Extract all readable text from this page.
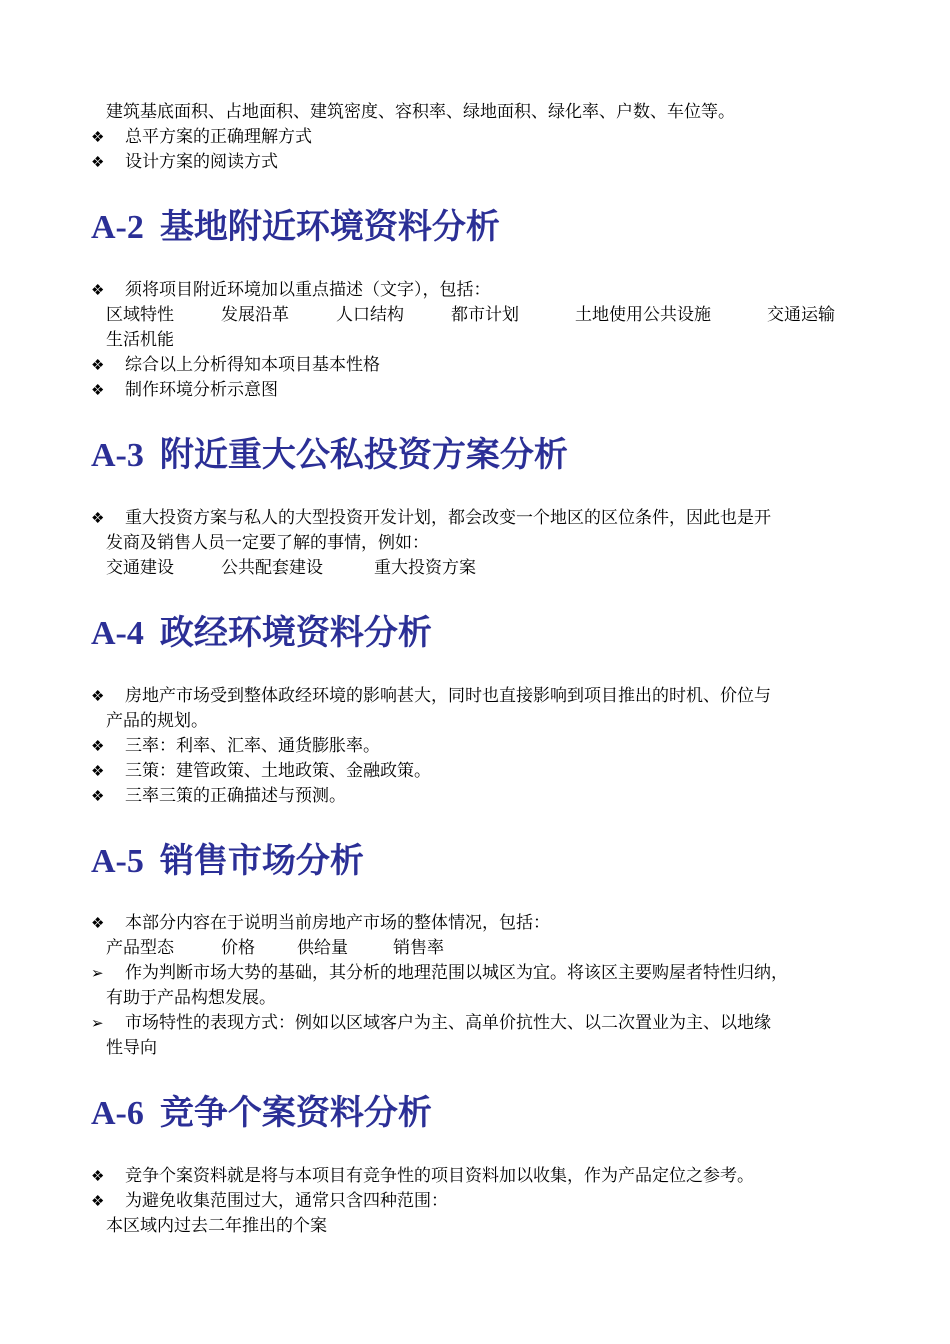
建筑基底面积、占地面积、建筑密度、容积率、绿地面积、绿化率、户数、车位等。
❖ 总平方案的正确理解方式
❖ 设计方案的阅读方式
A-2 基地附近环境资料分析
❖ 须将项目附近环境加以重点描述（文字），包括：
区域特性	发展沿革	人口结构	都市计划	土地使用公共设施	交通运输
生活机能
❖ 综合以上分析得知本项目基本性格
❖ 制作环境分析示意图
A-3 附近重大公私投资方案分析
❖ 重大投资方案与私人的大型投资开发计划，都会改变一个地区的区位条件，因此也是开
发商及销售人员一定要了解的事情，例如：
交通建设	公共配套建设	重大投资方案
A-4 政经环境资料分析
❖ 房地产市场受到整体政经环境的影响甚大，同时也直接影响到项目推出的时机、价位与
产品的规划。
❖ 三率：利率、汇率、通货膨胀率。
❖ 三策：建管政策、土地政策、金融政策。
❖ 三率三策的正确描述与预测。
A-5 销售市场分析
❖ 本部分内容在于说明当前房地产市场的整体情况，包括：
产品型态	价格 供给量	销售率
➢ 作为判断市场大势的基础，其分析的地理范围以城区为宜。将该区主要购屋者特性归纳，
有助于产品构想发展。
➢ 市场特性的表现方式：例如以区域客户为主、高单价抗性大、以二次置业为主、以地缘
性导向
A-6 竞争个案资料分析
❖ 竞争个案资料就是将与本项目有竞争性的项目资料加以收集，作为产品定位之参考。
❖ 为避免收集范围过大，通常只含四种范围：
本区域内过去二年推出的个案
